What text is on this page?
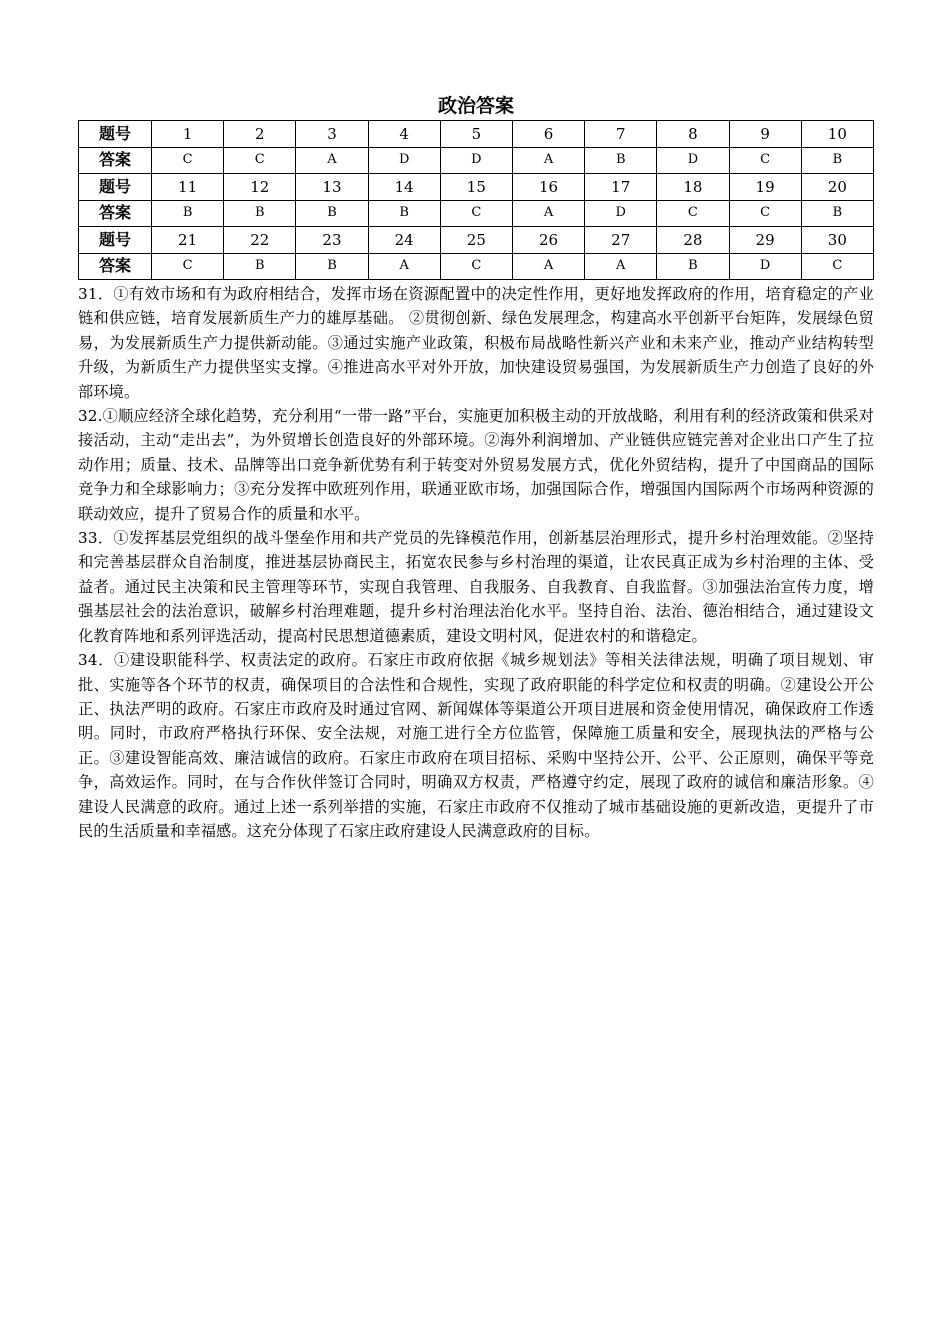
政治答案
题号	1	2	3	4	5	6	7	8	9	10
答案	C	C	A	D	D	A	B	D	C	B
题号	11	12	13	14	15	16	17	18	19	20
答案	B	B	B	B	C	A	D	C	C	B
题号	21	22	23	24	25	26	27	28	29	30
答案	C	B	B	A	C	A	A	B	D	C

31．①有效市场和有为政府相结合，发挥市场在资源配置中的决定性作用，更好地发挥政府的作用，培育稳定的产业链和供应链，培育发展新质生产力的雄厚基础。 ②贯彻创新、绿色发展理念，构建高水平创新平台矩阵，发展绿色贸易，为发展新质生产力提供新动能。③通过实施产业政策，积极布局战略性新兴产业和未来产业，推动产业结构转型升级，为新质生产力提供坚实支撑。④推进高水平对外开放，加快建设贸易强国，为发展新质生产力创造了良好的外部环境。

32.①顺应经济全球化趋势，充分利用“一带一路”平台，实施更加积极主动的开放战略，利用有利的经济政策和供采对接活动，主动“走出去”，为外贸增长创造良好的外部环境。②海外利润增加、产业链供应链完善对企业出口产生了拉动作用；质量、技术、品牌等出口竞争新优势有利于转变对外贸易发展方式，优化外贸结构，提升了中国商品的国际竞争力和全球影响力；③充分发挥中欧班列作用，联通亚欧市场，加强国际合作，增强国内国际两个市场两种资源的联动效应，提升了贸易合作的质量和水平。

33．①发挥基层党组织的战斗堡垒作用和共产党员的先锋模范作用，创新基层治理形式，提升乡村治理效能。②坚持和完善基层群众自治制度，推进基层协商民主，拓宽农民参与乡村治理的渠道，让农民真正成为乡村治理的主体、受益者。通过民主决策和民主管理等环节，实现自我管理、自我服务、自我教育、自我监督。③加强法治宣传力度，增强基层社会的法治意识，破解乡村治理难题，提升乡村治理法治化水平。坚持自治、法治、德治相结合，通过建设文化教育阵地和系列评选活动，提高村民思想道德素质，建设文明村风，促进农村的和谐稳定。

34．①建设职能科学、权责法定的政府。石家庄市政府依据《城乡规划法》等相关法律法规，明确了项目规划、审批、实施等各个环节的权责，确保项目的合法性和合规性，实现了政府职能的科学定位和权责的明确。②建设公开公正、执法严明的政府。石家庄市政府及时通过官网、新闻媒体等渠道公开项目进展和资金使用情况，确保政府工作透明。同时，市政府严格执行环保、安全法规，对施工进行全方位监管，保障施工质量和安全，展现执法的严格与公正。③建设智能高效、廉洁诚信的政府。石家庄市政府在项目招标、采购中坚持公开、公平、公正原则，确保平等竞争，高效运作。同时，在与合作伙伴签订合同时，明确双方权责，严格遵守约定，展现了政府的诚信和廉洁形象。④建设人民满意的政府。通过上述一系列举措的实施，石家庄市政府不仅推动了城市基础设施的更新改造，更提升了市民的生活质量和幸福感。这充分体现了石家庄政府建设人民满意政府的目标。
